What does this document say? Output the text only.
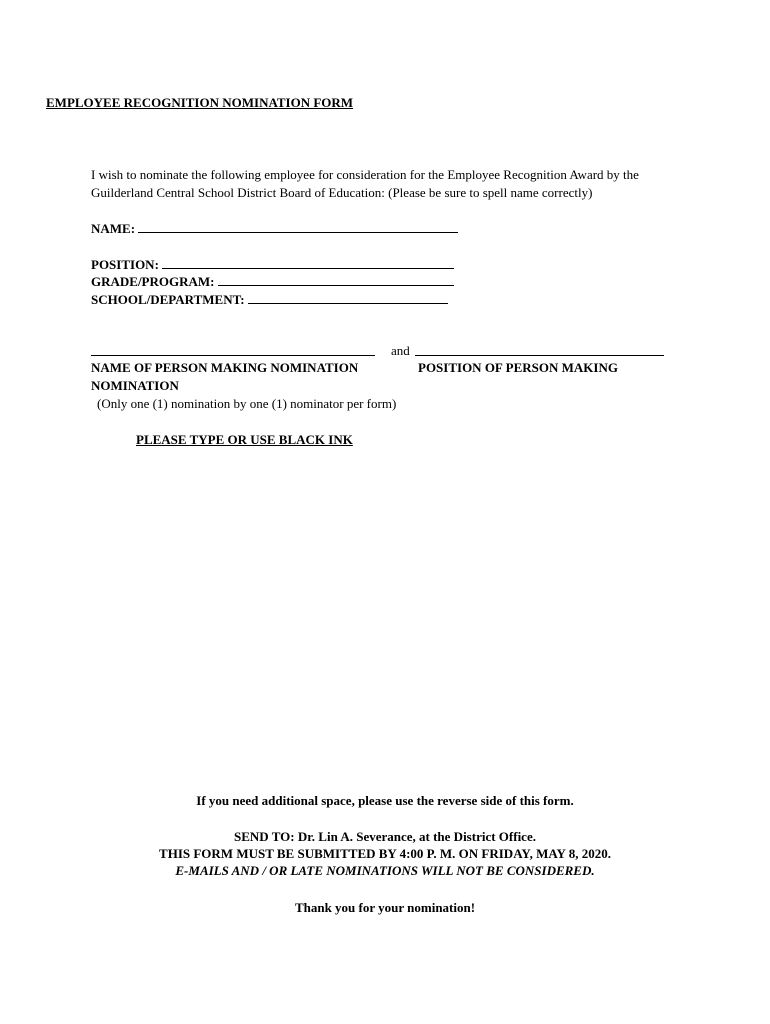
EMPLOYEE RECOGNITION NOMINATION FORM
I wish to nominate the following employee for consideration for the Employee Recognition Award by the
Guilderland Central School District Board of Education: (Please be sure to spell name correctly)
NAME:
POSITION:
GRADE/PROGRAM:
SCHOOL/DEPARTMENT:
and
NAME OF PERSON MAKING NOMINATION	POSITION OF PERSON MAKING
NOMINATION
(Only one (1) nomination by one (1) nominator per form)
PLEASE TYPE OR USE BLACK INK
If you need additional space, please use the reverse side of this form.
SEND TO: Dr. Lin A. Severance, at the District Office.
THIS FORM MUST BE SUBMITTED BY 4:00 P. M. ON FRIDAY, MAY 8, 2020.
E-MAILS AND / OR LATE NOMINATIONS WILL NOT BE CONSIDERED.
Thank you for your nomination!
